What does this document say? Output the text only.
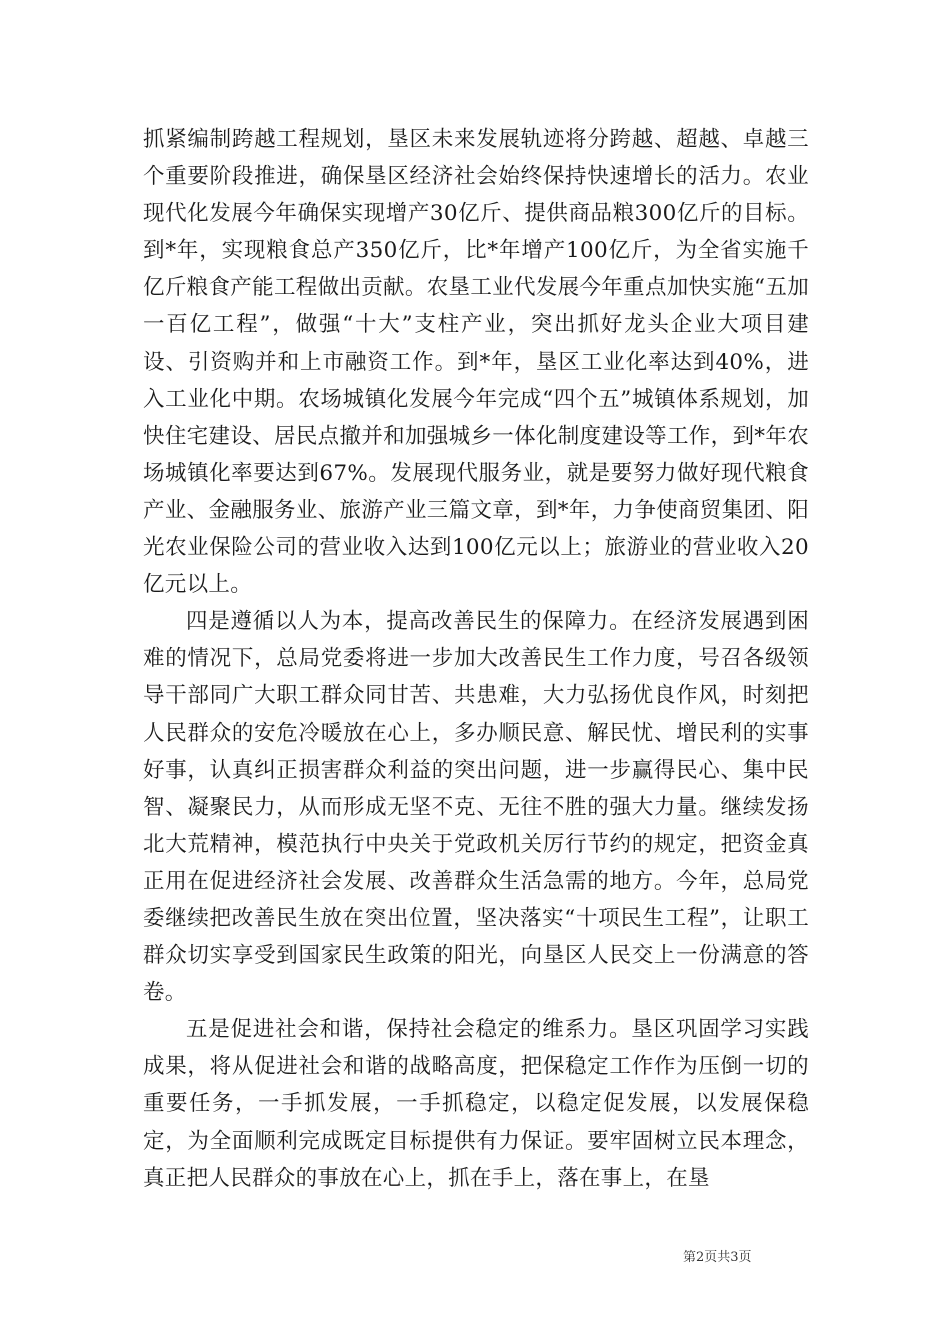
抓紧编制跨越工程规划，垦区未来发展轨迹将分跨越、超越、卓越三个重要阶段推进，确保垦区经济社会始终保持快速增长的活力。农业现代化发展今年确保实现增产30亿斤、提供商品粮300亿斤的目标。到*年，实现粮食总产350亿斤，比*年增产100亿斤，为全省实施千亿斤粮食产能工程做出贡献。农垦工业代发展今年重点加快实施“五加一百亿工程”，做强“十大”支柱产业，突出抓好龙头企业大项目建设、引资购并和上市融资工作。到*年，垦区工业化率达到40%，进入工业化中期。农场城镇化发展今年完成“四个五”城镇体系规划，加快住宅建设、居民点撤并和加强城乡一体化制度建设等工作，到*年农场城镇化率要达到67%。发展现代服务业，就是要努力做好现代粮食产业、金融服务业、旅游产业三篇文章，到*年，力争使商贸集团、阳光农业保险公司的营业收入达到100亿元以上；旅游业的营业收入20亿元以上。

四是遵循以人为本，提高改善民生的保障力。在经济发展遇到困难的情况下，总局党委将进一步加大改善民生工作力度，号召各级领导干部同广大职工群众同甘苦、共患难，大力弘扬优良作风，时刻把人民群众的安危冷暖放在心上，多办顺民意、解民忧、增民利的实事好事，认真纠正损害群众利益的突出问题，进一步赢得民心、集中民智、凝聚民力，从而形成无坚不克、无往不胜的强大力量。继续发扬北大荒精神，模范执行中央关于党政机关厉行节约的规定，把资金真正用在促进经济社会发展、改善群众生活急需的地方。今年，总局党委继续把改善民生放在突出位置，坚决落实“十项民生工程”，让职工群众切实享受到国家民生政策的阳光，向垦区人民交上一份满意的答卷。

五是促进社会和谐，保持社会稳定的维系力。垦区巩固学习实践成果，将从促进社会和谐的战略高度，把保稳定工作作为压倒一切的重要任务，一手抓发展，一手抓稳定，以稳定促发展，以发展保稳定，为全面顺利完成既定目标提供有力保证。要牢固树立民本理念，真正把人民群众的事放在心上，抓在手上，落在事上，在垦

第2页共3页
